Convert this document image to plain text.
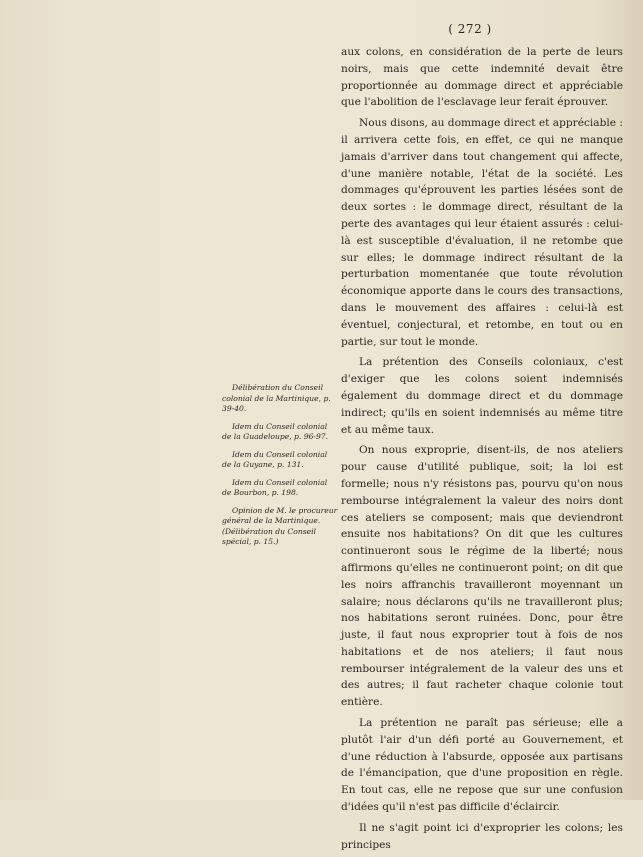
( 272 )

aux colons, en considération de la perte de leurs noirs, mais que cette indemnité devait être proportionnée au dommage direct et appréciable que l'abolition de l'esclavage leur ferait éprouver.

Nous disons, au dommage direct et appréciable : il arrivera cette fois, en effet, ce qui ne manque jamais d'arriver dans tout changement qui affecte, d'une manière notable, l'état de la société. Les dommages qu'éprouvent les parties lésées sont de deux sortes : le dommage direct, résultant de la perte des avantages qui leur étaient assurés : celui-là est susceptible d'évaluation, il ne retombe que sur elles; le dommage indirect résultant de la perturbation momentanée que toute révolution économique apporte dans le cours des transactions, dans le mouvement des affaires : celui-là est éventuel, conjectural, et retombe, en tout ou en partie, sur tout le monde.

La prétention des Conseils coloniaux, c'est d'exiger que les colons soient indemnisés également du dommage direct et du dommage indirect; qu'ils en soient indemnisés au même titre et au même taux.

On nous exproprie, disent-ils, de nos ateliers pour cause d'utilité publique, soit; la loi est formelle; nous n'y résistons pas, pourvu qu'on nous rembourse intégralement la valeur des noirs dont ces ateliers se composent; mais que deviendront ensuite nos habitations? On dit que les cultures continueront sous le régime de la liberté; nous affirmons qu'elles ne continueront point; on dit que les noirs affranchis travailleront moyennant un salaire; nous déclarons qu'ils ne travailleront plus; nos habitations seront ruinées. Donc, pour être juste, il faut nous exproprier tout à fois de nos habitations et de nos ateliers; il faut nous rembourser intégralement de la valeur des uns et des autres; il faut racheter chaque colonie tout entière.

La prétention ne paraît pas sérieuse; elle a plutôt l'air d'un défi porté au Gouvernement, et d'une réduction à l'absurde, opposée aux partisans de l'émancipation, que d'une proposition en règle. En tout cas, elle ne repose que sur une confusion d'idées qu'il n'est pas difficile d'éclaircir.

Il ne s'agit point ici d'exproprier les colons; les principes

Délibération du Conseil colonial de la Martinique, p. 39-40.

Idem du Conseil colonial de la Guadeloupe, p. 96-97.

Idem du Conseil colonial de la Guyane, p. 131.

Idem du Conseil colonial de Bourbon, p. 198.

Opinion de M. le procureur général de la Martinique. (Délibération du Conseil spécial, p. 15.)
